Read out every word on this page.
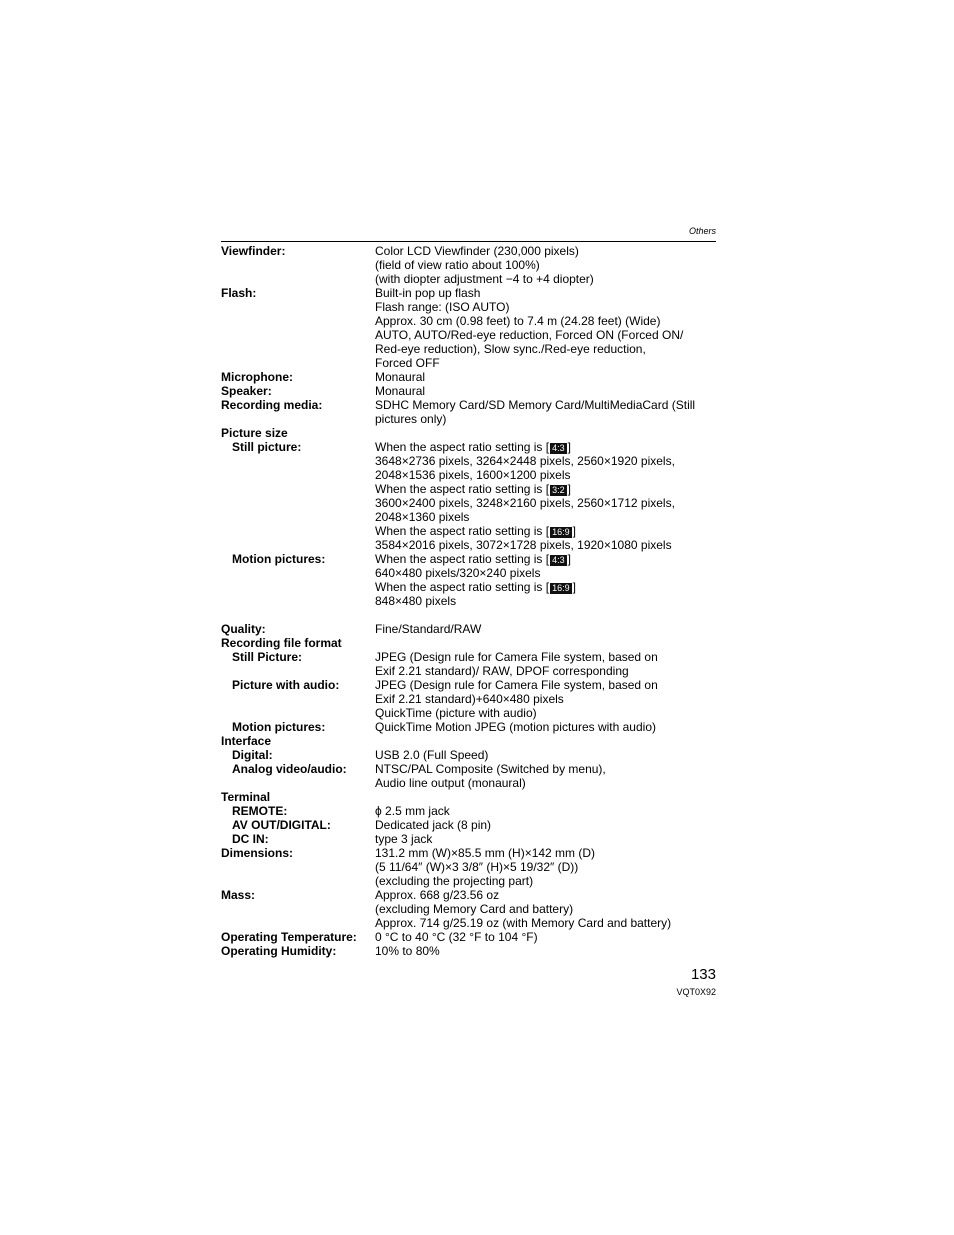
Others
Viewfinder:	Color LCD Viewfinder (230,000 pixels)
(field of view ratio about 100%)
(with diopter adjustment −4 to +4 diopter)
Flash:	Built-in pop up flash
Flash range: (ISO AUTO)
Approx. 30 cm (0.98 feet) to 7.4 m (24.28 feet) (Wide)
AUTO, AUTO/Red-eye reduction, Forced ON (Forced ON/
Red-eye reduction), Slow sync./Red-eye reduction,
Forced OFF
Microphone:	Monaural
Speaker:	Monaural
Recording media:	SDHC Memory Card/SD Memory Card/MultiMediaCard (Still
pictures only)
Picture size
Still picture:	When the aspect ratio setting is [ 4:3 ]
3648×2736 pixels, 3264×2448 pixels, 2560×1920 pixels,
2048×1536 pixels, 1600×1200 pixels
When the aspect ratio setting is [ 3:2 ]
3600×2400 pixels, 3248×2160 pixels, 2560×1712 pixels,
2048×1360 pixels
When the aspect ratio setting is [ 16:9 ]
3584×2016 pixels, 3072×1728 pixels, 1920×1080 pixels
Motion pictures:	When the aspect ratio setting is [ 4:3 ]
640×480 pixels/320×240 pixels
When the aspect ratio setting is [ 16:9 ]
848×480 pixels
Quality:	Fine/Standard/RAW
Recording file format
Still Picture:	JPEG (Design rule for Camera File system, based on
Exif 2.21 standard)/ RAW, DPOF corresponding
Picture with audio:	JPEG (Design rule for Camera File system, based on
Exif 2.21 standard)+640×480 pixels
QuickTime (picture with audio)
Motion pictures:	QuickTime Motion JPEG (motion pictures with audio)
Interface
Digital:	USB 2.0 (Full Speed)
Analog video/audio: NTSC/PAL Composite (Switched by menu),
Audio line output (monaural)
Terminal
REMOTE:	ϕ 2.5 mm jack
AV OUT/DIGITAL:	Dedicated jack (8 pin)
DC IN:	type 3 jack
Dimensions:	131.2 mm (W)×85.5 mm (H)×142 mm (D)
(5 11/64″ (W)×3 3/8″ (H)×5 19/32″ (D))
(excluding the projecting part)
Mass:	Approx. 668 g/23.56 oz
(excluding Memory Card and battery)
Approx. 714 g/25.19 oz (with Memory Card and battery)
Operating Temperature: 0 °C to 40 °C (32 °F to 104 °F)
Operating Humidity:	10% to 80%
133
VQT0X92
